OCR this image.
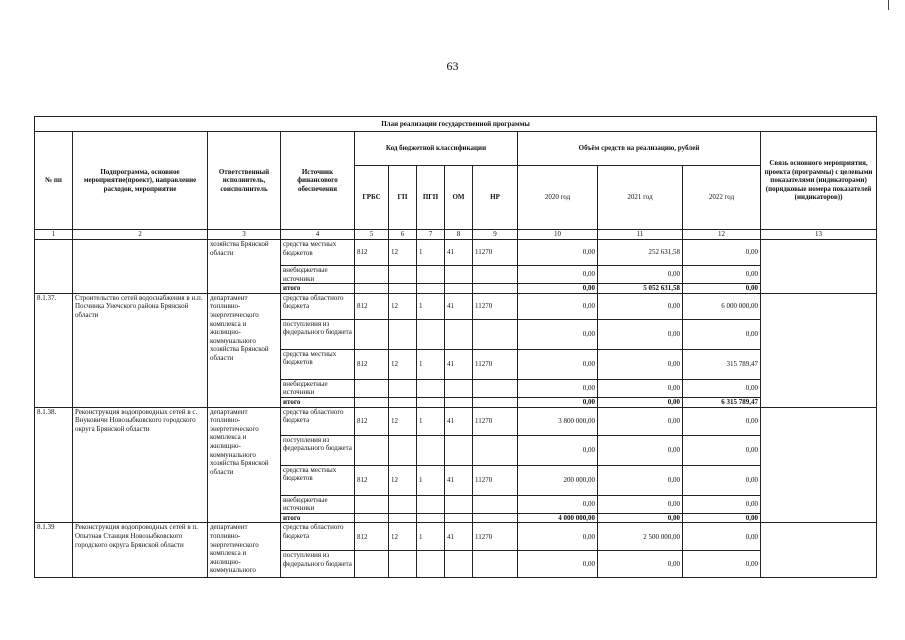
63
План реализации государственной программы												
№ пп	Подпрограмма, основное мероприятие(проект), направление расходов, мероприятие	Ответственный исполнитель, соисполнитель	Источник финансового обеспечения	Код бюджетной классификации					Объём средств на реализацию, рублей			Связь основного мероприятия, проекта (программы) с целевыми показателями (индикаторами) (порядковые номера показателей (индикаторов))
				ГРБС	ГП	ПГП	ОМ	НР	2020 год	2021 год	2022 год	
1	2	3	4	5	6	7	8	9	10	11	12	13
		хозяйства Брянской области	средства местных бюджетов	812	12	1	41	11270	0,00	252 631,58	0,00	
			внебюджетные источники						0,00	0,00	0,00	
			итого						0,00	5 052 631,58	0,00	
8.1.37.	Строительство сетей водоснабжения в н.п. Посчинка Унечского района Брянской области	департамент топливно-энергетического комплекса и жилищно-коммунального хозяйства Брянской области	средства областного бюджета	812	12	1	41	11270	0,00	0,00	6 000 000,00	
			поступления из федерального бюджета						0,00	0,00	0,00	
			средства местных бюджетов	812	12	1	41	11270	0,00	0,00	315 789,47	
			внебюджетные источники						0,00	0,00	0,00	
			итого						0,00	0,00	6 315 789,47	
8.1.38.	Реконструкция водопроводных сетей в с. Внуковичи Новозыбковского городского округа Брянской области	департамент топливно-энергетического комплекса и жилищно-коммунального хозяйства Брянской области	средства областного бюджета	812	12	1	41	11270	3 800 000,00	0,00	0,00	
			поступления из федерального бюджета						0,00	0,00	0,00	
			средства местных бюджетов	812	12	1	41	11270	200 000,00	0,00	0,00	
			внебюджетные источники						0,00	0,00	0,00	
			итого						4 000 000,00	0,00	0,00	
8.1.39	Реконструкция водопроводных сетей в п. Опытная Станция Новозыбковского городского округа Брянской области	департамент топливно-энергетического комплекса и жилищно-коммунального	средства областного бюджета	812	12	1	41	11270	0,00	2 500 000,00	0,00	
			поступления из федерального бюджета						0,00	0,00	0,00	
